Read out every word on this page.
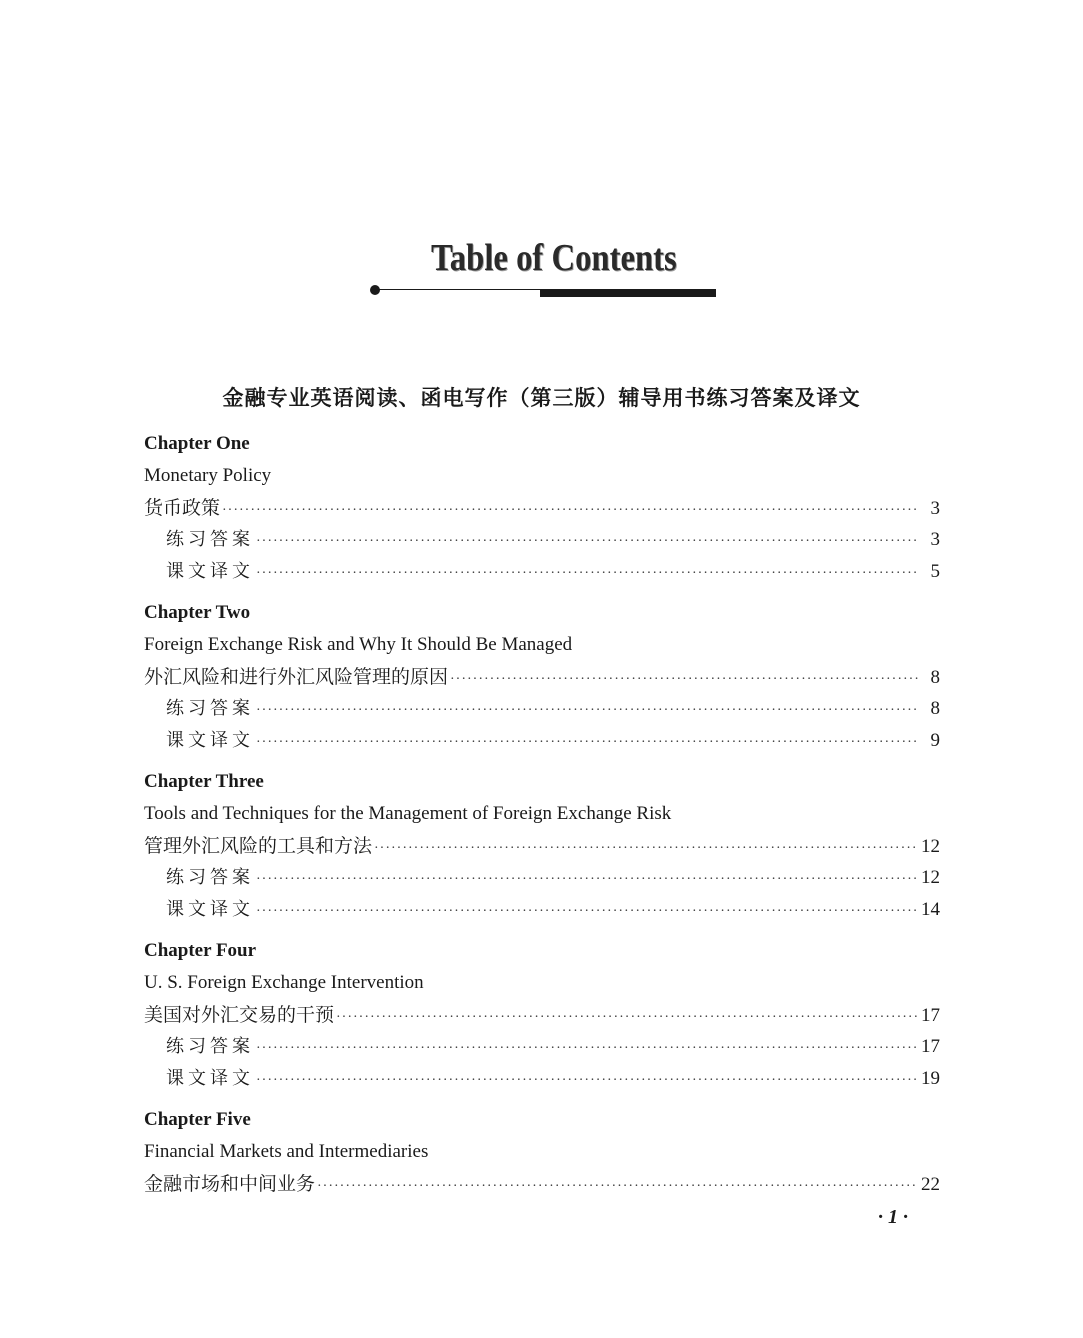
Table of Contents
金融专业英语阅读、函电写作（第三版）辅导用书练习答案及译文
Chapter One
Monetary Policy
货币政策 ·····	3
练习答案 ·····	3
课文译文 ·····	5
Chapter Two
Foreign Exchange Risk and Why It Should Be Managed
外汇风险和进行外汇风险管理的原因 ·····	8
练习答案 ·····	8
课文译文 ·····	9
Chapter Three
Tools and Techniques for the Management of Foreign Exchange Risk
管理外汇风险的工具和方法 ·····	12
练习答案 ·····	12
课文译文 ·····	14
Chapter Four
U. S. Foreign Exchange Intervention
美国对外汇交易的干预 ·····	17
练习答案 ·····	17
课文译文 ·····	19
Chapter Five
Financial Markets and Intermediaries
金融市场和中间业务 ·····	22
· 1 ·
